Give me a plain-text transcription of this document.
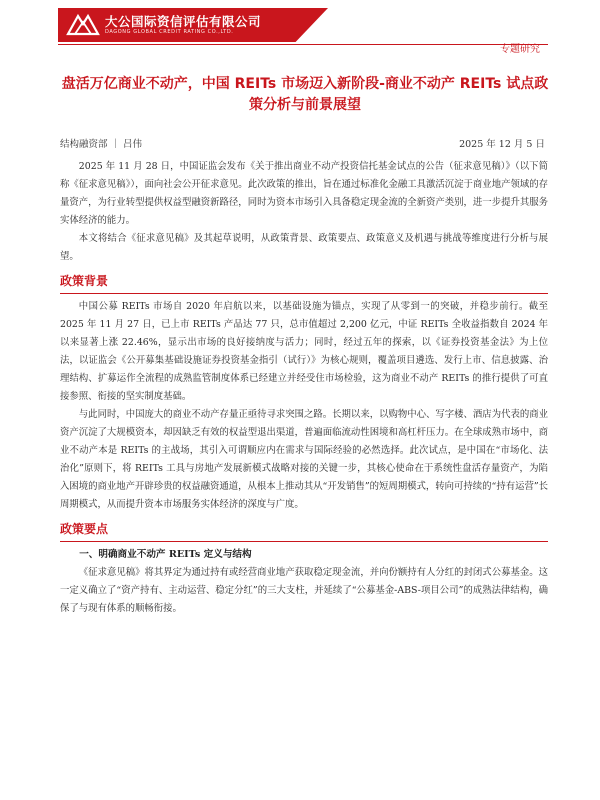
大公国际资信评估有限公司
DAGONG GLOBAL CREDIT RATING CO.,LTD.
专题研究
盘活万亿商业不动产，中国 REITs 市场迈入新阶段-商业不动产 REITs 试点政策分析与前景展望
结构融资部 ｜ 吕伟	2025 年 12 月 5 日

2025 年 11 月 28 日，中国证监会发布《关于推出商业不动产投资信托基金试点的公告（征求意见稿）》（以下简称《征求意见稿》），面向社会公开征求意见。此次政策的推出，旨在通过标准化金融工具激活沉淀于商业地产领域的存量资产，为行业转型提供权益型融资新路径，同时为资本市场引入具备稳定现金流的全新资产类别，进一步提升其服务实体经济的能力。

本文将结合《征求意见稿》及其起草说明，从政策背景、政策要点、政策意义及机遇与挑战等维度进行分析与展望。

政策背景

中国公募 REITs 市场自 2020 年启航以来，以基础设施为锚点，实现了从零到一的突破，并稳步前行。截至 2025 年 11 月 27 日，已上市 REITs 产品达 77 只，总市值超过 2,200 亿元，中证 REITs 全收益指数自 2024 年以来显著上涨 22.46%，显示出市场的良好接纳度与活力；同时，经过五年的探索，以《证券投资基金法》为上位法，以证监会《公开募集基础设施证券投资基金指引（试行）》为核心规则，覆盖项目遴选、发行上市、信息披露、治理结构、扩募运作全流程的成熟监管制度体系已经建立并经受住市场检验，这为商业不动产 REITs 的推行提供了可直接参照、衔接的坚实制度基础。

与此同时，中国庞大的商业不动产存量正亟待寻求突围之路。长期以来，以购物中心、写字楼、酒店为代表的商业资产沉淀了大规模资本，却因缺乏有效的权益型退出渠道，普遍面临流动性困境和高杠杆压力。在全球成熟市场中，商业不动产本是 REITs 的主战场，其引入可谓顺应内在需求与国际经验的必然选择。此次试点，是中国在“市场化、法治化”原则下，将 REITs 工具与房地产发展新模式战略对接的关键一步，其核心使命在于系统性盘活存量资产，为陷入困境的商业地产开辟珍贵的权益融资通道，从根本上推动其从“开发销售”的短周期模式，转向可持续的“持有运营”长周期模式，从而提升资本市场服务实体经济的深度与广度。

政策要点

一、明确商业不动产 REITs 定义与结构

《征求意见稿》将其界定为通过持有或经营商业地产获取稳定现金流，并向份额持有人分红的封闭式公募基金。这一定义确立了“资产持有、主动运营、稳定分红”的三大支柱，并延续了“公募基金-ABS-项目公司”的成熟法律结构，确保了与现有体系的顺畅衔接。
